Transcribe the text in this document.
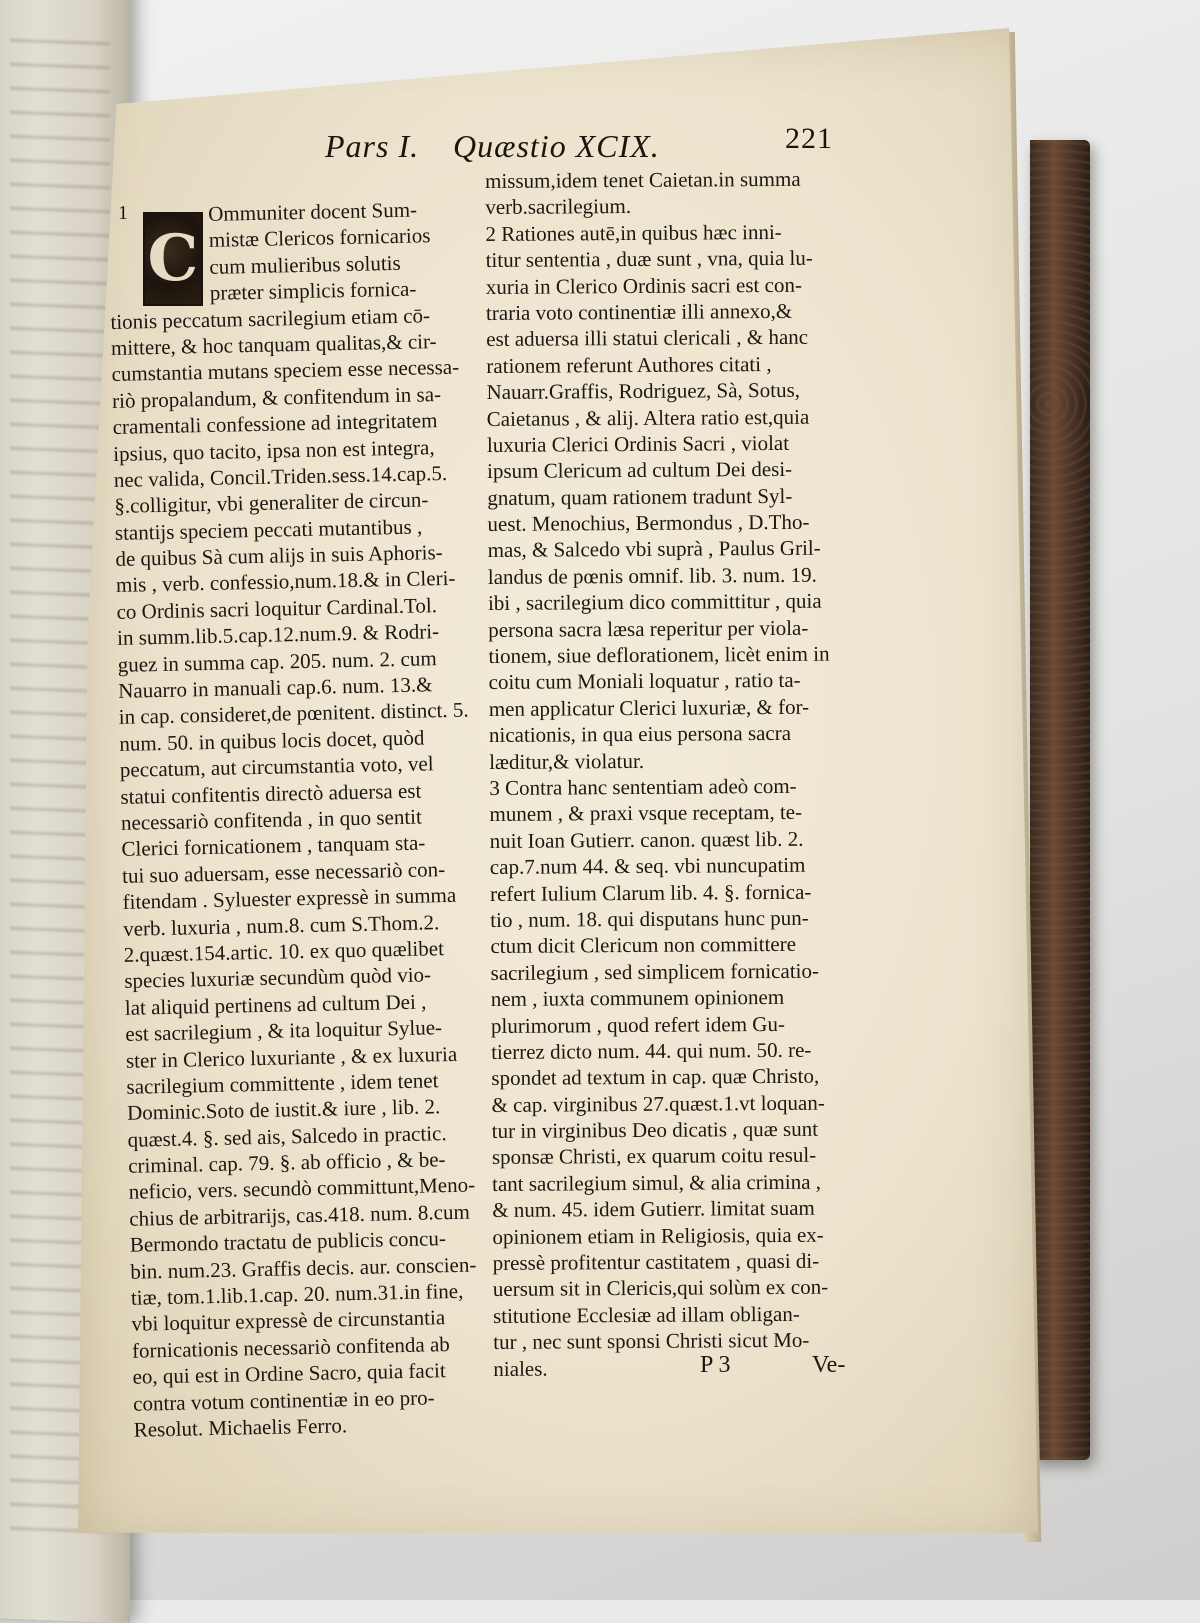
Pars I. Quæstio XCIX.	221
1
C
Ommuniter docent Sum-
mistæ Clericos fornicarios
cum mulieribus solutis
præter simplicis fornica-
tionis peccatum sacrilegium etiam cō-
mittere, & hoc tanquam qualitas,& cir-
cumstantia mutans speciem esse necessa-
riò propalandum, & confitendum in sa-
cramentali confessione ad integritatem
ipsius, quo tacito, ipsa non est integra,
nec valida, Concil.Triden.sess.14.cap.5.
§.colligitur, vbi generaliter de circun-
stantijs speciem peccati mutantibus ,
de quibus Sà cum alijs in suis Aphoris-
mis , verb. confessio,num.18.& in Cleri-
co Ordinis sacri loquitur Cardinal.Tol.
in summ.lib.5.cap.12.num.9. & Rodri-
guez in summa cap. 205. num. 2. cum
Nauarro in manuali cap.6. num. 13.&
in cap. consideret,de pœnitent. distinct. 5.
num. 50. in quibus locis docet, quòd
peccatum, aut circumstantia voto, vel
statui confitentis directò aduersa est
necessariò confitenda , in quo sentit
Clerici fornicationem , tanquam sta-
tui suo aduersam, esse necessariò con-
fitendam . Syluester expressè in summa
verb. luxuria , num.8. cum S.Thom.2.
2.quæst.154.artic. 10. ex quo quælibet
species luxuriæ secundùm quòd vio-
lat aliquid pertinens ad cultum Dei ,
est sacrilegium , & ita loquitur Sylue-
ster in Clerico luxuriante , & ex luxuria
sacrilegium committente , idem tenet
Dominic.Soto de iustit.& iure , lib. 2.
quæst.4. §. sed ais, Salcedo in practic.
criminal. cap. 79. §. ab officio , & be-
neficio, vers. secundò committunt,Meno-
chius de arbitrarijs, cas.418. num. 8.cum
Bermondo tractatu de publicis concu-
bin. num.23. Graffis decis. aur. conscien-
tiæ, tom.1.lib.1.cap. 20. num.31.in fine,
vbi loquitur expressè de circunstantia
fornicationis necessariò confitenda ab
eo, qui est in Ordine Sacro, quia facit
contra votum continentiæ in eo pro-
Resolut. Michaelis Ferro.
missum,idem tenet Caietan.in summa
verb.sacrilegium.
2 Rationes autē,in quibus hæc inni-
titur sententia , duæ sunt , vna, quia lu-
xuria in Clerico Ordinis sacri est con-
traria voto continentiæ illi annexo,&
est aduersa illi statui clericali , & hanc
rationem referunt Authores citati ,
Nauarr.Graffis, Rodriguez, Sà, Sotus,
Caietanus , & alij. Altera ratio est,quia
luxuria Clerici Ordinis Sacri , violat
ipsum Clericum ad cultum Dei desi-
gnatum, quam rationem tradunt Syl-
uest. Menochius, Bermondus , D.Tho-
mas, & Salcedo vbi suprà , Paulus Gril-
landus de pœnis omnif. lib. 3. num. 19.
ibi , sacrilegium dico committitur , quia
persona sacra læsa reperitur per viola-
tionem, siue deflorationem, licèt enim in
coitu cum Moniali loquatur , ratio ta-
men applicatur Clerici luxuriæ, & for-
nicationis, in qua eius persona sacra
læditur,& violatur.
3 Contra hanc sententiam adeò com-
munem , & praxi vsque receptam, te-
nuit Ioan Gutierr. canon. quæst lib. 2.
cap.7.num 44. & seq. vbi nuncupatim
refert Iulium Clarum lib. 4. §. fornica-
tio , num. 18. qui disputans hunc pun-
ctum dicit Clericum non committere
sacrilegium , sed simplicem fornicatio-
nem , iuxta communem opinionem
plurimorum , quod refert idem Gu-
tierrez dicto num. 44. qui num. 50. re-
spondet ad textum in cap. quæ Christo,
& cap. virginibus 27.quæst.1.vt loquan-
tur in virginibus Deo dicatis , quæ sunt
sponsæ Christi, ex quarum coitu resul-
tant sacrilegium simul, & alia crimina ,
& num. 45. idem Gutierr. limitat suam
opinionem etiam in Religiosis, quia ex-
pressè profitentur castitatem , quasi di-
uersum sit in Clericis,qui solùm ex con-
stitutione Ecclesiæ ad illam obligan-
tur , nec sunt sponsi Christi sicut Mo-
niales.	P 3	Ve-
